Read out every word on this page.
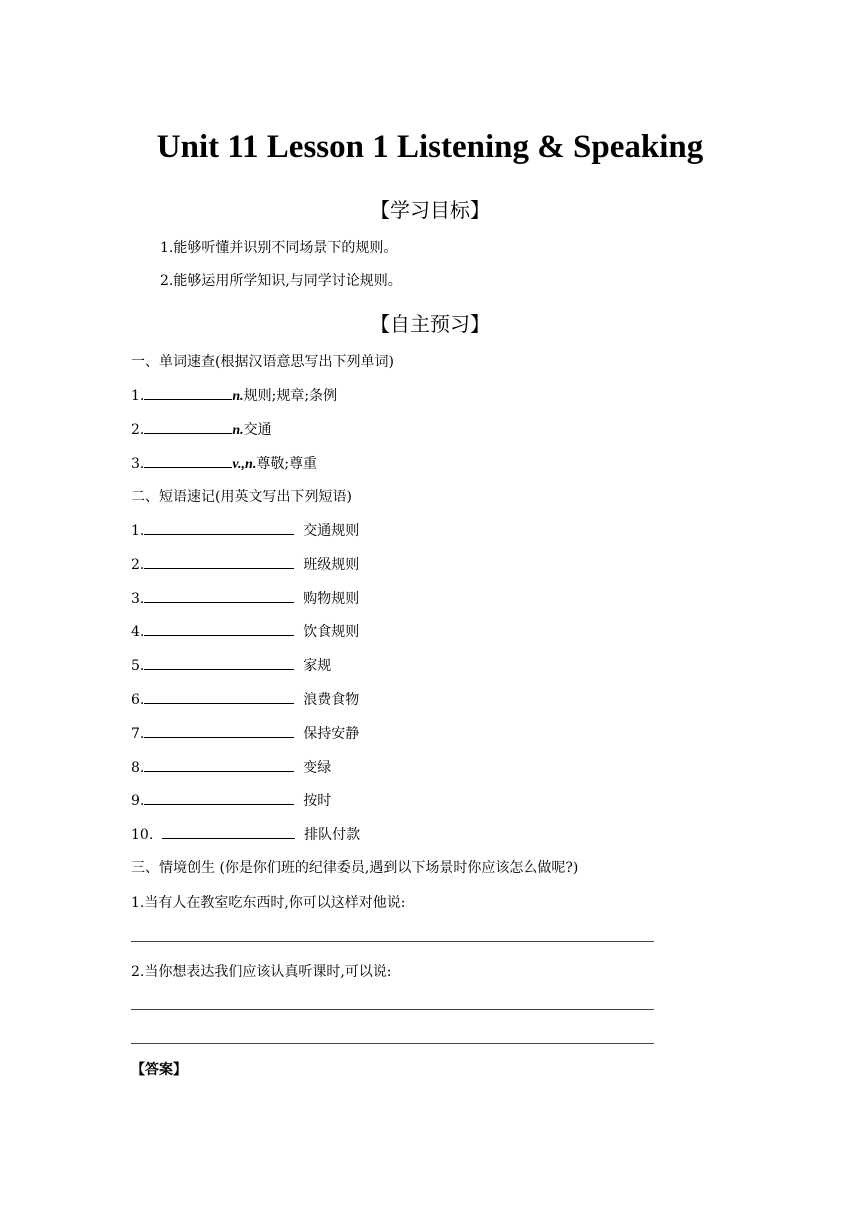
Unit 11 Lesson 1 Listening & Speaking
【学习目标】
1.能够听懂并识别不同场景下的规则。
2.能够运用所学知识,与同学讨论规则。
【自主预习】
一、单词速查(根据汉语意思写出下列单词)
1.	n.规则;规章;条例
2.	n.交通
3.	v.,n.尊敬;尊重
二、短语速记(用英文写出下列短语)
1.	交通规则
2.	班级规则
3.	购物规则
4.	饮食规则
5.	家规
6.	浪费食物
7.	保持安静
8.	变绿
9.	按时
10.	排队付款
三、情境创生 (你是你们班的纪律委员,遇到以下场景时你应该怎么做呢?)
1.当有人在教室吃东西时,你可以这样对他说:
2.当你想表达我们应该认真听课时,可以说:
【答案】
